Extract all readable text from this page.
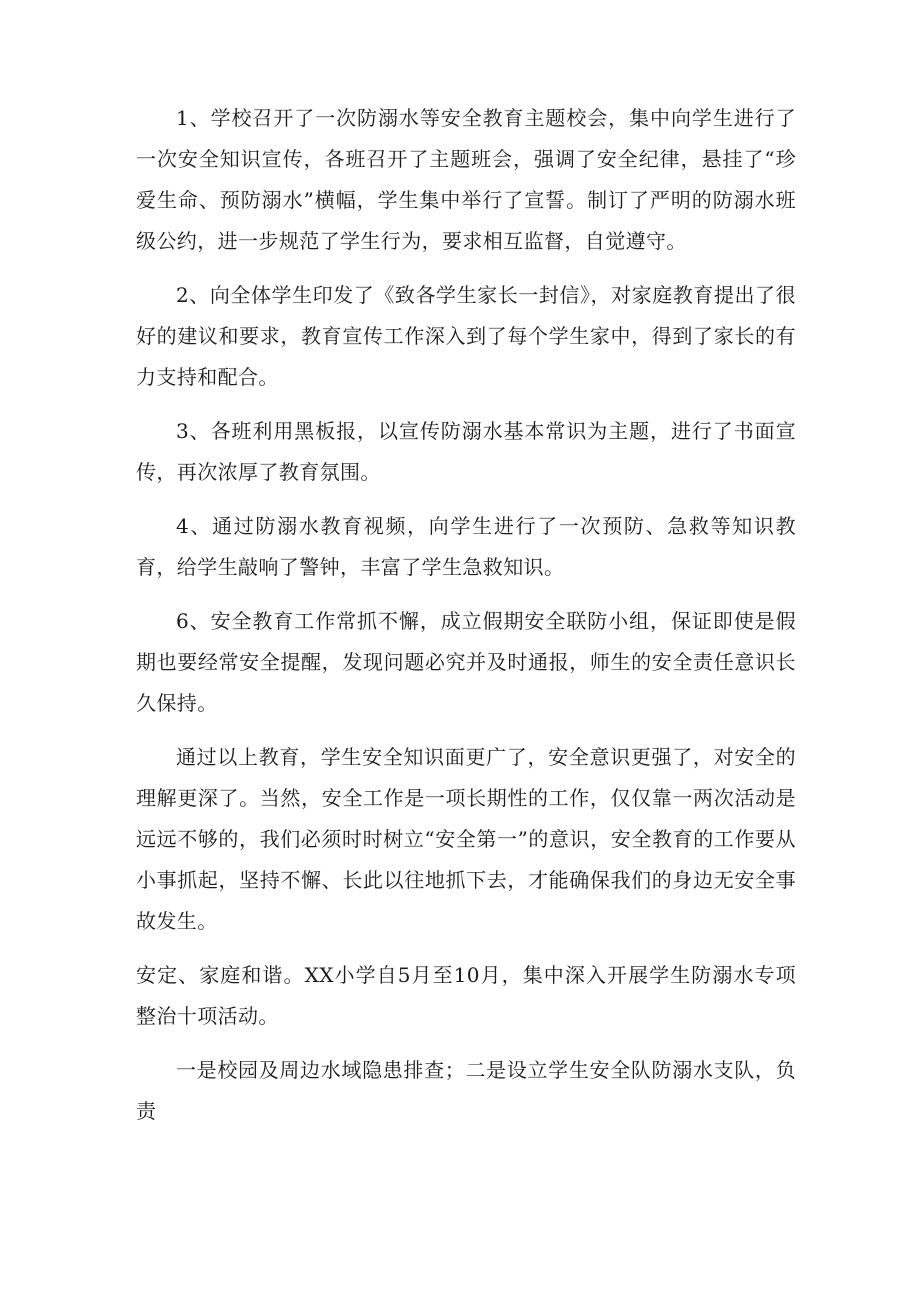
1、学校召开了一次防溺水等安全教育主题校会，集中向学生进行了一次安全知识宣传，各班召开了主题班会，强调了安全纪律，悬挂了“珍爱生命、预防溺水”横幅，学生集中举行了宣誓。制订了严明的防溺水班级公约，进一步规范了学生行为，要求相互监督，自觉遵守。

2、向全体学生印发了《致各学生家长一封信》，对家庭教育提出了很好的建议和要求，教育宣传工作深入到了每个学生家中，得到了家长的有力支持和配合。

3、各班利用黑板报，以宣传防溺水基本常识为主题，进行了书面宣传，再次浓厚了教育氛围。

4、通过防溺水教育视频，向学生进行了一次预防、急救等知识教育，给学生敲响了警钟，丰富了学生急救知识。

6、安全教育工作常抓不懈，成立假期安全联防小组，保证即使是假期也要经常安全提醒，发现问题必究并及时通报，师生的安全责任意识长久保持。

通过以上教育，学生安全知识面更广了，安全意识更强了，对安全的理解更深了。当然，安全工作是一项长期性的工作，仅仅靠一两次活动是远远不够的，我们必须时时树立“安全第一”的意识，安全教育的工作要从小事抓起，坚持不懈、长此以往地抓下去，才能确保我们的身边无安全事故发生。

安定、家庭和谐。XX小学自5月至10月，集中深入开展学生防溺水专项整治十项活动。

一是校园及周边水域隐患排查；二是设立学生安全队防溺水支队，负责
